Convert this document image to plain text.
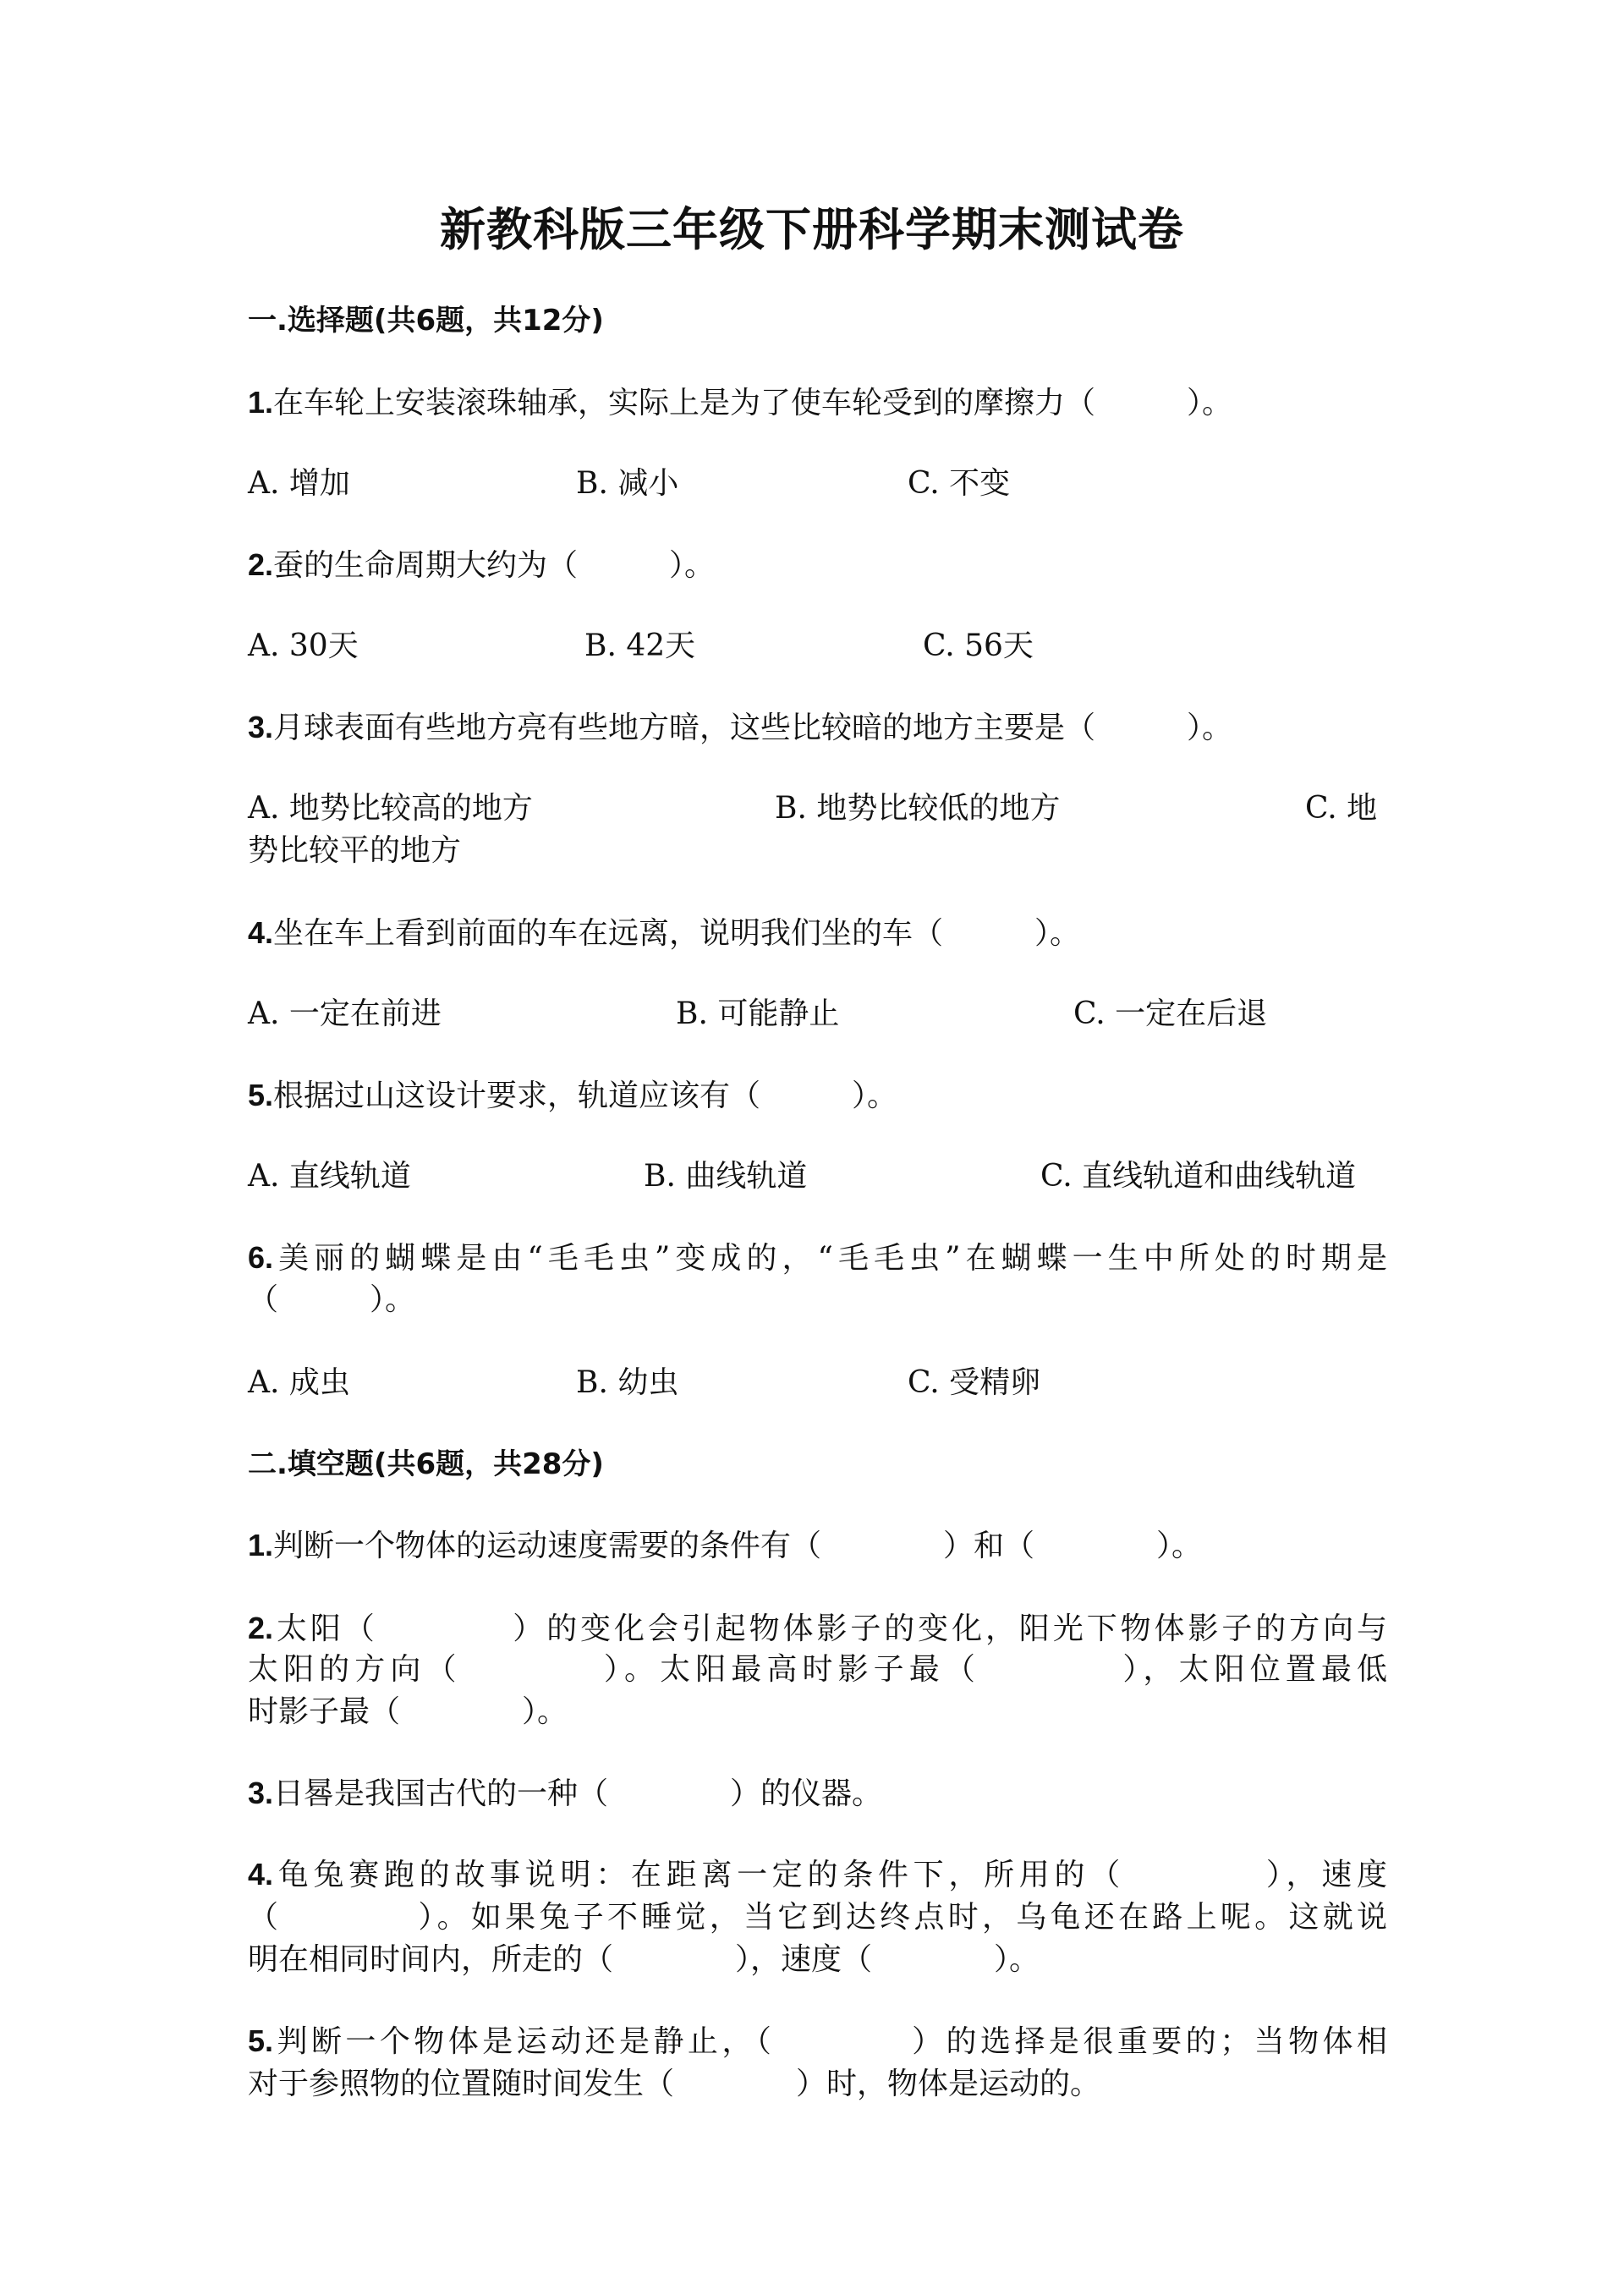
新教科版三年级下册科学期末测试卷
一.选择题(共6题，共12分)
1.在车轮上安装滚珠轴承，实际上是为了使车轮受到的摩擦力（　　　）。
A. 增加	B. 减小	C. 不变
2.蚕的生命周期大约为（　　　）。
A. 30天	B. 42天	C. 56天
3.月球表面有些地方亮有些地方暗，这些比较暗的地方主要是（　　　）。
A. 地势比较高的地方	B. 地势比较低的地方	C. 地
势比较平的地方
4.坐在车上看到前面的车在远离，说明我们坐的车（　　　）。
A. 一定在前进	B. 可能静止	C. 一定在后退
5.根据过山这设计要求，轨道应该有（　　　）。
A. 直线轨道	B. 曲线轨道	C. 直线轨道和曲线轨道
6.美丽的蝴蝶是由“毛毛虫”变成的，“毛毛虫”在蝴蝶一生中所处的时期是
（　　　）。
A. 成虫	B. 幼虫	C. 受精卵
二.填空题(共6题，共28分)
1.判断一个物体的运动速度需要的条件有（　　　　）和（　　　　）。
2.太阳（　　　　）的变化会引起物体影子的变化，阳光下物体影子的方向与
太阳的方向（　　　　）。太阳最高时影子最（　　　　），太阳位置最低
时影子最（　　　　）。
3.日晷是我国古代的一种（　　　　）的仪器。
4.龟兔赛跑的故事说明：在距离一定的条件下，所用的（　　　　），速度
（　　　　）。如果兔子不睡觉，当它到达终点时，乌龟还在路上呢。这就说
明在相同时间内，所走的（　　　　），速度（　　　　）。
5.判断一个物体是运动还是静止，（　　　　）的选择是很重要的；当物体相
对于参照物的位置随时间发生（　　　　）时，物体是运动的。
